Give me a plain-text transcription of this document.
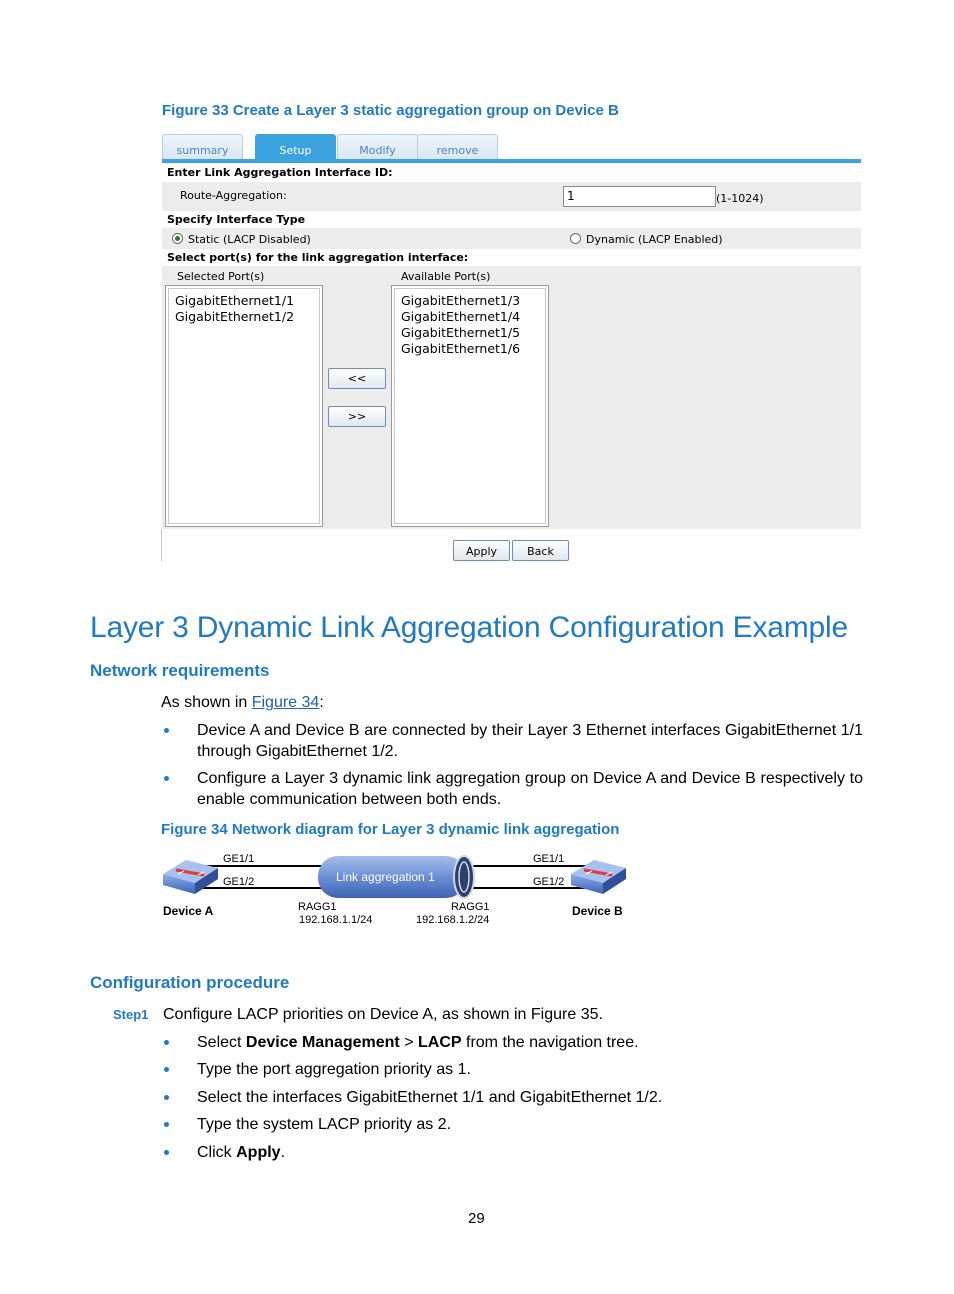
Figure 33 Create a Layer 3 static aggregation group on Device B
summary	Setup	Modify	remove
Enter Link Aggregation Interface ID:
Route-Aggregation:	1	(1-1024)
Specify Interface Type
Static (LACP Disabled)	Dynamic (LACP Enabled)
Select port(s) for the link aggregation interface:
Selected Port(s)	Available Port(s)
GigabitEthernet1/1
GigabitEthernet1/2
GigabitEthernet1/3
GigabitEthernet1/4
GigabitEthernet1/5
GigabitEthernet1/6
<<
>>
Apply	Back
Layer 3 Dynamic Link Aggregation Configuration Example
Network requirements
As shown in Figure 34:
Device A and Device B are connected by their Layer 3 Ethernet interfaces GigabitEthernet 1/1
through GigabitEthernet 1/2.
Configure a Layer 3 dynamic link aggregation group on Device A and Device B respectively to
enable communication between both ends.
Figure 34 Network diagram for Layer 3 dynamic link aggregation
Link aggregation 1
GE1/1
GE1/2
GE1/1
GE1/2
Device A	Device B
RAGG1
192.168.1.1/24
RAGG1
192.168.1.2/24
Configuration procedure
Step1 Configure LACP priorities on Device A, as shown in Figure 35.
Select Device Management > LACP from the navigation tree.
Type the port aggregation priority as 1.
Select the interfaces GigabitEthernet 1/1 and GigabitEthernet 1/2.
Type the system LACP priority as 2.
Click Apply.
29
